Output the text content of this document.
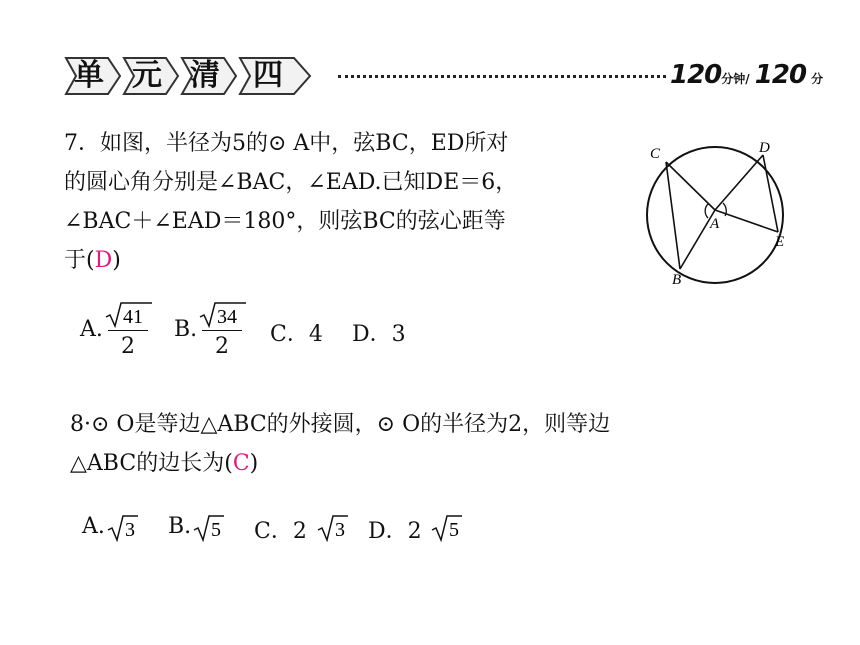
单 元 清	四	120分钟/ 120 分
7．如图，半径为5的⊙ A中，弦BC，ED所对
的圆心角分别是∠BAC，∠EAD.已知DE＝6，
∠BAC＋∠EAD＝180°，则弦BC的弦心距等
于(D)
C	D
A
E
B
A. 41
2
B. 34
2	C．4 D．3
8·⊙ O是等边△ABC的外接圆，⊙ O的半径为2，则等边
△ABC的边长为(C)
A. 3 B. 5 C．2 3 D．2 5
